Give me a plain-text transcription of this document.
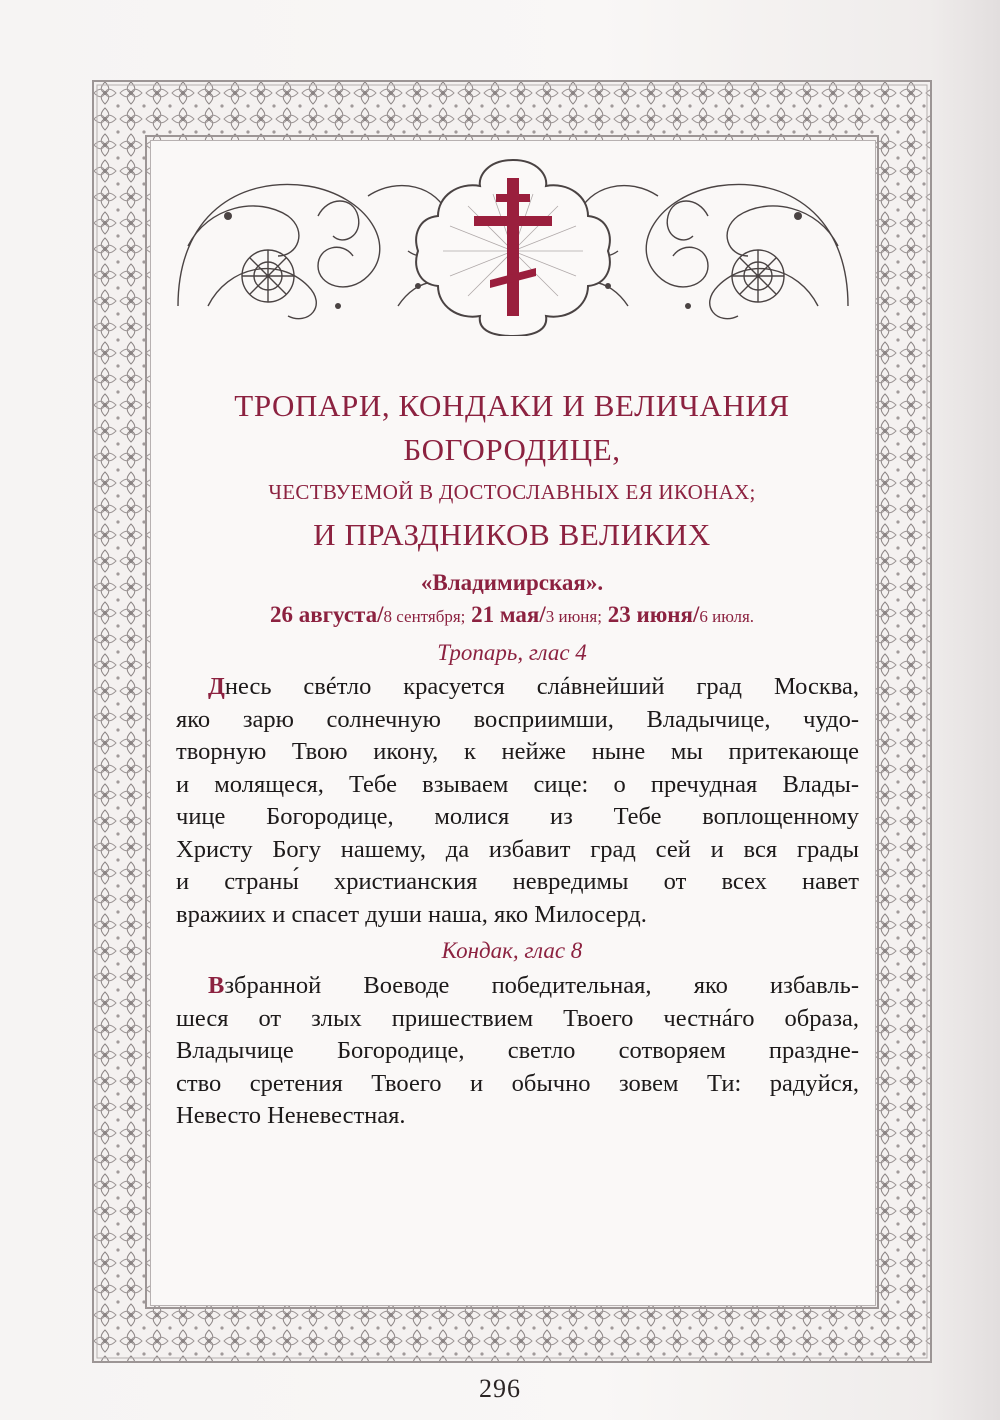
ТРОПАРИ, КОНДАКИ И ВЕЛИЧАНИЯ
БОГОРОДИЦЕ,
ЧЕСТВУЕМОЙ В ДОСТОСЛАВНЫХ ЕЯ ИКОНАХ;
И ПРАЗДНИКОВ ВЕЛИКИХ
«Владимирская».
26 августа/8 сентября; 21 мая/3 июня; 23 июня/6 июля.
Тропарь, глас 4

Днесь свéтло красуется слáвнейший град Москва,
яко зарю солнечную восприимши, Владычице, чудо-
творную Твою икону, к нейже ныне мы притекающе
и молящеся, Тебе взываем сице: о пречудная Влады-
чице Богородице, молися из Тебе воплощенному
Христу Богу нашему, да избавит град сей и вся грады
и страны́ христианския невредимы от всех навет
вражиих и спасет души наша, яко Милосерд.

Кондак, глас 8

Взбранной Воеводе победительная, яко избавль-
шеся от злых пришествием Твоего честнáго образа,
Владычице Богородице, светло сотворяем праздне-
ство сретения Твоего и обычно зовем Ти: радуйся,
Невесто Неневестная.

296
